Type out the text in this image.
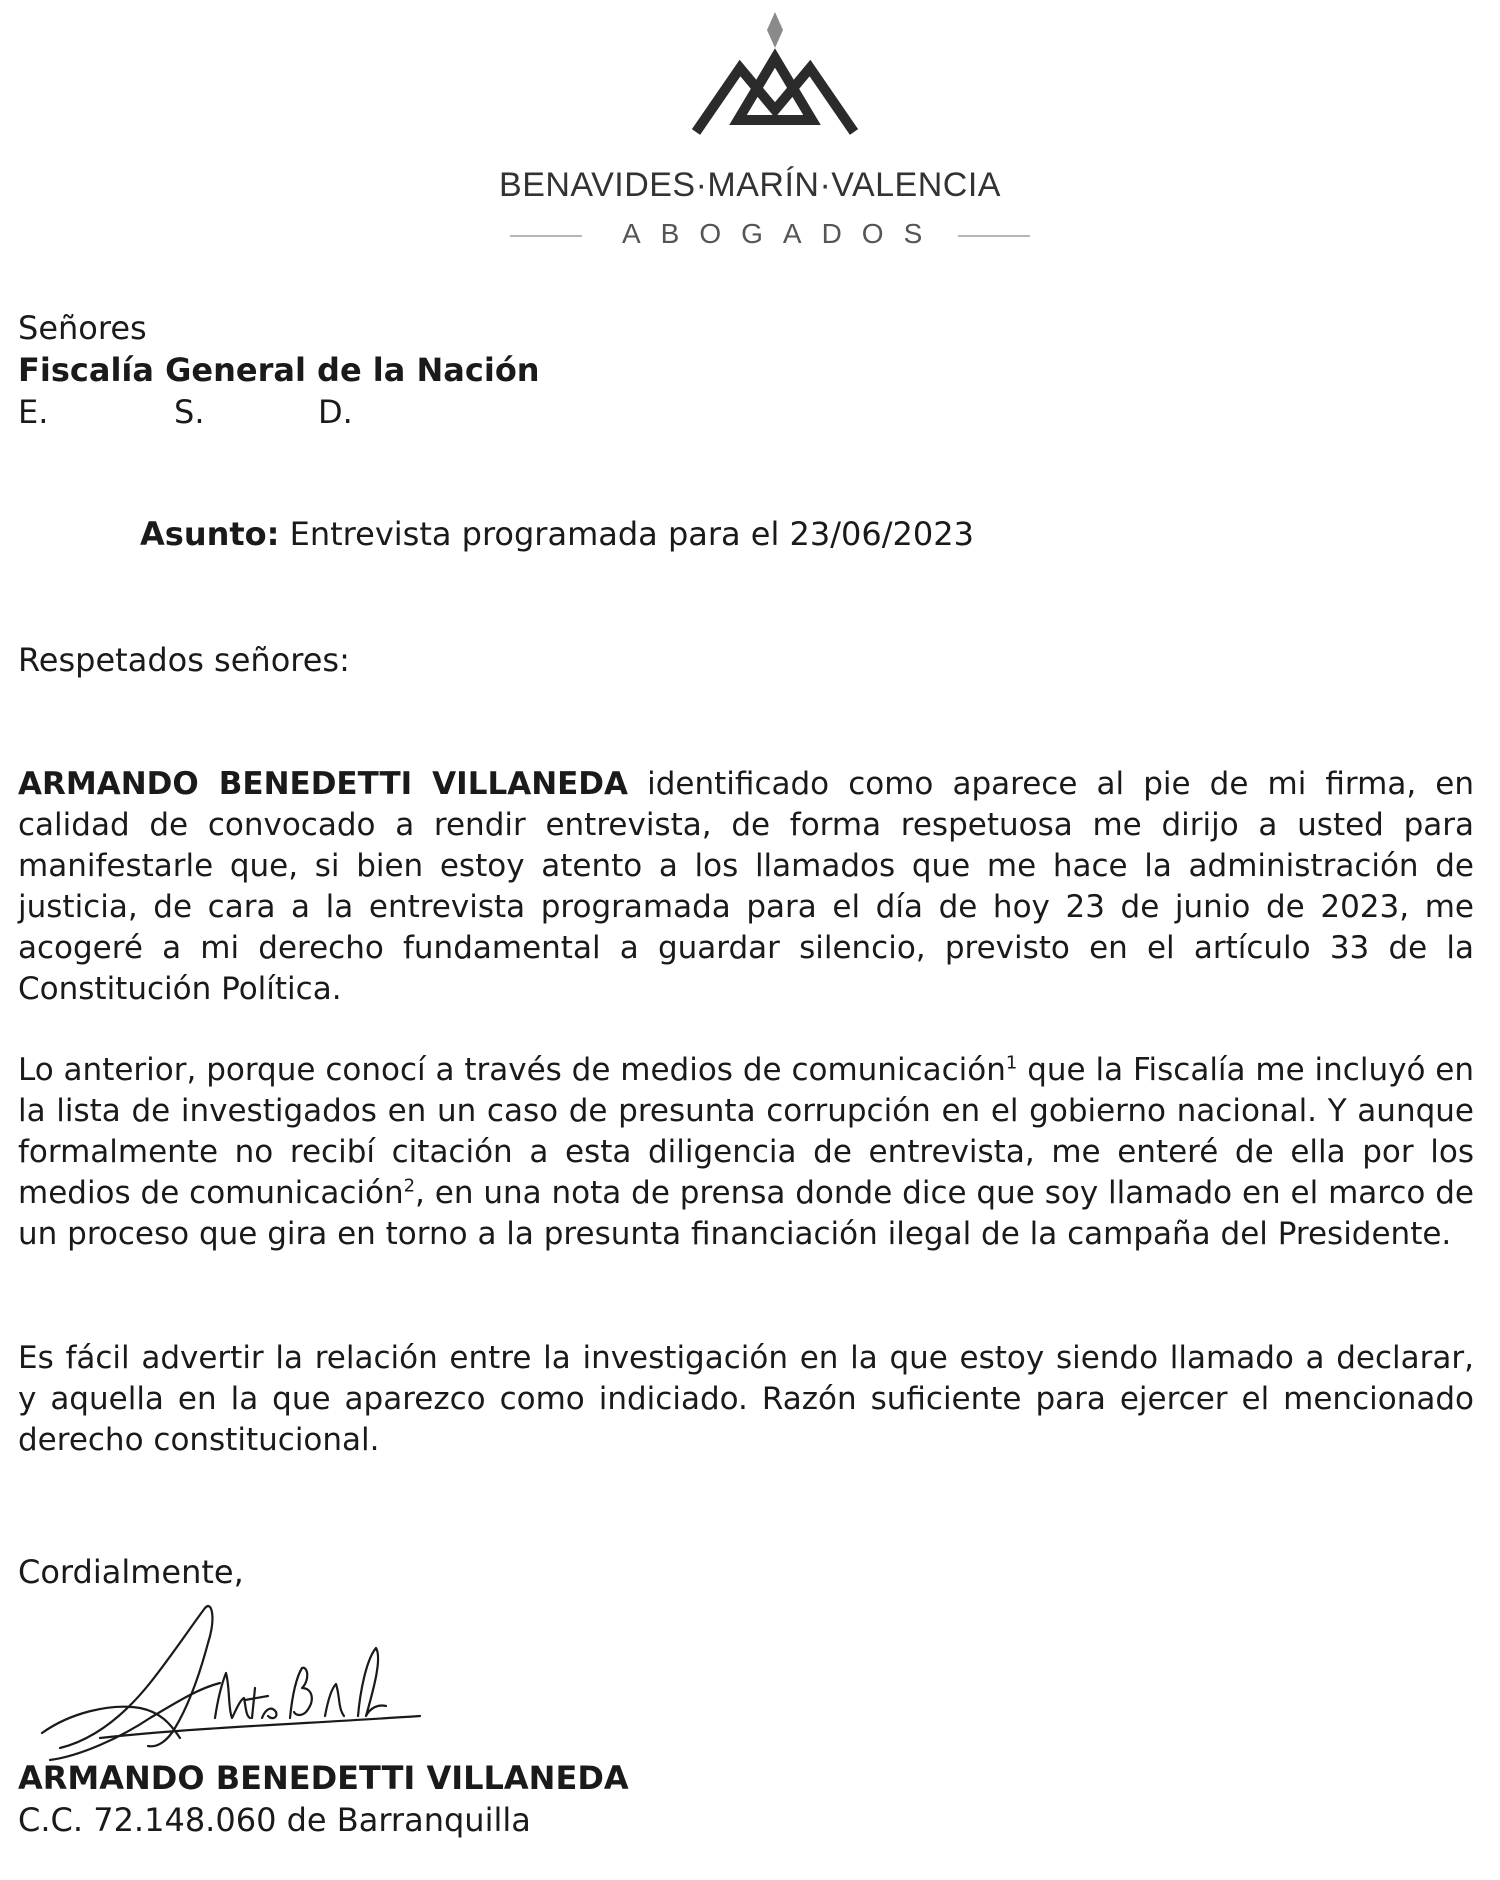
BENAVIDES·MARÍN·VALENCIA
ABOGADOS
Señores
Fiscalía General de la Nación
E.	S.	D.
Asunto: Entrevista programada para el 23/06/2023
Respetados señores:
ARMANDO BENEDETTI VILLANEDA identificado como aparece al pie de mi firma, en calidad de convocado a rendir entrevista, de forma respetuosa me dirijo a usted para manifestarle que, si bien estoy atento a los llamados que me hace la administración de justicia, de cara a la entrevista programada para el día de hoy 23 de junio de 2023, me acogeré a mi derecho fundamental a guardar silencio, previsto en el artículo 33 de la Constitución Política.
Lo anterior, porque conocí a través de medios de comunicación$^1$ que la Fiscalía me incluyó en la lista de investigados en un caso de presunta corrupción en el gobierno nacional. Y aunque formalmente no recibí citación a esta diligencia de entrevista, me enteré de ella por los medios de comunicación$^2$, en una nota de prensa donde dice que soy llamado en el marco de un proceso que gira en torno a la presunta financiación ilegal de la campaña del Presidente.
Es fácil advertir la relación entre la investigación en la que estoy siendo llamado a declarar, y aquella en la que aparezco como indiciado. Razón suficiente para ejercer el mencionado derecho constitucional.
Cordialmente,
ARMANDO BENEDETTI VILLANEDA
C.C. 72.148.060 de Barranquilla
